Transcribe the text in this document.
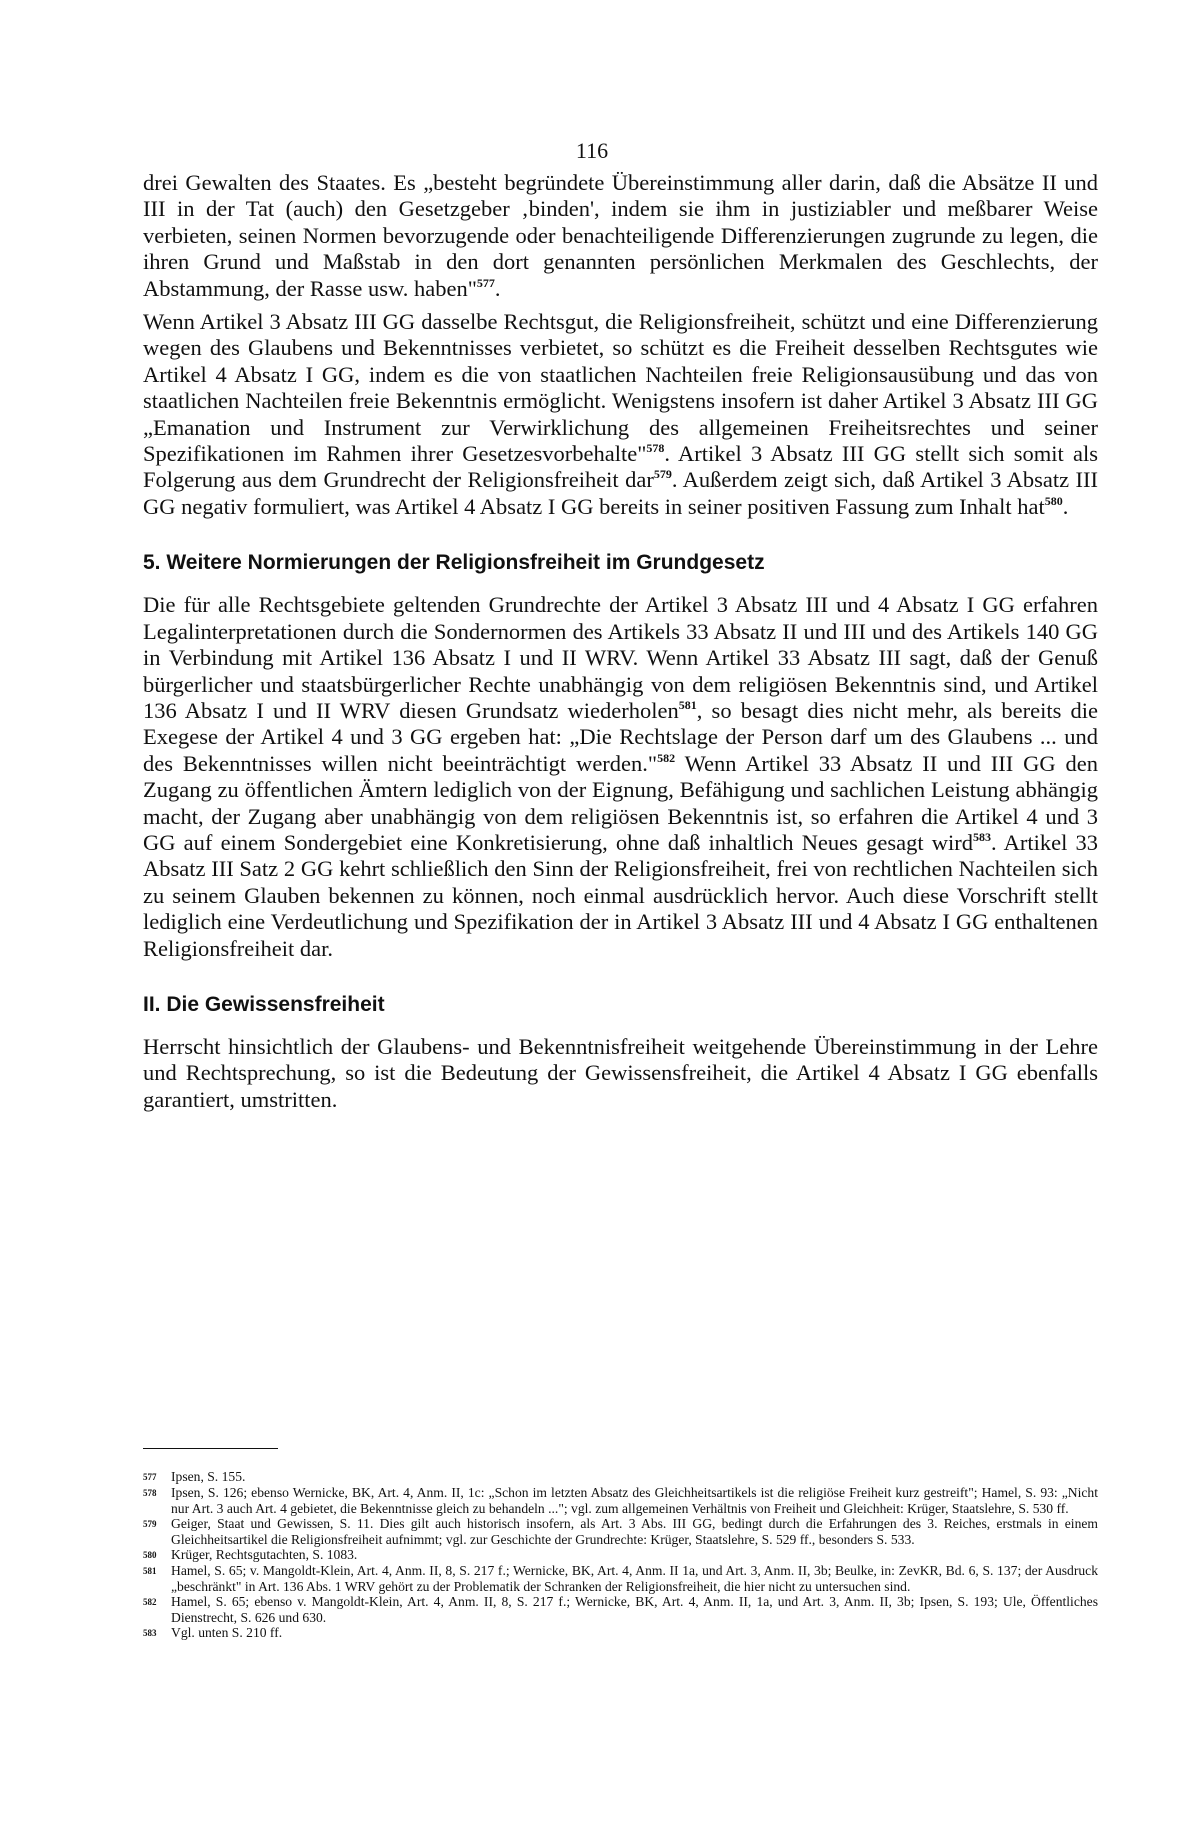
116

drei Gewalten des Staates. Es „besteht begründete Übereinstimmung aller darin, daß die Absätze II und III in der Tat (auch) den Gesetzgeber ‚binden', indem sie ihm in justiziabler und meßbarer Weise verbieten, seinen Normen bevorzugende oder benachteiligende Differenzierungen zugrunde zu legen, die ihren Grund und Maßstab in den dort genannten persönlichen Merkmalen des Geschlechts, der Abstammung, der Rasse usw. haben"$^{577}$.

Wenn Artikel 3 Absatz III GG dasselbe Rechtsgut, die Religionsfreiheit, schützt und eine Differenzierung wegen des Glaubens und Bekenntnisses verbietet, so schützt es die Freiheit desselben Rechtsgutes wie Artikel 4 Absatz I GG, indem es die von staatlichen Nachteilen freie Religionsausübung und das von staatlichen Nachteilen freie Bekenntnis ermöglicht. Wenigstens insofern ist daher Artikel 3 Absatz III GG „Emanation und Instrument zur Verwirklichung des allgemeinen Freiheitsrechtes und seiner Spezifikationen im Rahmen ihrer Gesetzesvorbehalte"$^{578}$. Artikel 3 Absatz III GG stellt sich somit als Folgerung aus dem Grundrecht der Religionsfreiheit dar$^{579}$. Außerdem zeigt sich, daß Artikel 3 Absatz III GG negativ formuliert, was Artikel 4 Absatz I GG bereits in seiner positiven Fassung zum Inhalt hat$^{580}$.

5. Weitere Normierungen der Religionsfreiheit im Grundgesetz

Die für alle Rechtsgebiete geltenden Grundrechte der Artikel 3 Absatz III und 4 Absatz I GG erfahren Legalinterpretationen durch die Sondernormen des Artikels 33 Absatz II und III und des Artikels 140 GG in Verbindung mit Artikel 136 Absatz I und II WRV. Wenn Artikel 33 Absatz III sagt, daß der Genuß bürgerlicher und staatsbürgerlicher Rechte unabhängig von dem religiösen Bekenntnis sind, und Artikel 136 Absatz I und II WRV diesen Grundsatz wiederholen$^{581}$, so besagt dies nicht mehr, als bereits die Exegese der Artikel 4 und 3 GG ergeben hat: „Die Rechtslage der Person darf um des Glaubens ... und des Bekenntnisses willen nicht beeinträchtigt werden."$^{582}$ Wenn Artikel 33 Absatz II und III GG den Zugang zu öffentlichen Ämtern lediglich von der Eignung, Befähigung und sachlichen Leistung abhängig macht, der Zugang aber unabhängig von dem religiösen Bekenntnis ist, so erfahren die Artikel 4 und 3 GG auf einem Sondergebiet eine Konkretisierung, ohne daß inhaltlich Neues gesagt wird$^{583}$. Artikel 33 Absatz III Satz 2 GG kehrt schließlich den Sinn der Religionsfreiheit, frei von rechtlichen Nachteilen sich zu seinem Glauben bekennen zu können, noch einmal ausdrücklich hervor. Auch diese Vorschrift stellt lediglich eine Verdeutlichung und Spezifikation der in Artikel 3 Absatz III und 4 Absatz I GG enthaltenen Religionsfreiheit dar.

II. Die Gewissensfreiheit

Herrscht hinsichtlich der Glaubens- und Bekenntnisfreiheit weitgehende Übereinstimmung in der Lehre und Rechtsprechung, so ist die Bedeutung der Gewissensfreiheit, die Artikel 4 Absatz I GG ebenfalls garantiert, umstritten.

577	Ipsen, S. 155.
578	Ipsen, S. 126; ebenso Wernicke, BK, Art. 4, Anm. II, 1c: „Schon im letzten Absatz des Gleichheitsartikels ist die religiöse Freiheit kurz gestreift"; Hamel, S. 93: „Nicht nur Art. 3 auch Art. 4 gebietet, die Bekenntnisse gleich zu behandeln ..."; vgl. zum allgemeinen Verhältnis von Freiheit und Gleichheit: Krüger, Staatslehre, S. 530 ff.
579	Geiger, Staat und Gewissen, S. 11. Dies gilt auch historisch insofern, als Art. 3 Abs. III GG, bedingt durch die Erfahrungen des 3. Reiches, erstmals in einem Gleichheitsartikel die Religionsfreiheit aufnimmt; vgl. zur Geschichte der Grundrechte: Krüger, Staatslehre, S. 529 ff., besonders S. 533.
580	Krüger, Rechtsgutachten, S. 1083.
581	Hamel, S. 65; v. Mangoldt-Klein, Art. 4, Anm. II, 8, S. 217 f.; Wernicke, BK, Art. 4, Anm. II 1a, und Art. 3, Anm. II, 3b; Beulke, in: ZevKR, Bd. 6, S. 137; der Ausdruck „beschränkt" in Art. 136 Abs. 1 WRV gehört zu der Problematik der Schranken der Religionsfreiheit, die hier nicht zu untersuchen sind.
582	Hamel, S. 65; ebenso v. Mangoldt-Klein, Art. 4, Anm. II, 8, S. 217 f.; Wernicke, BK, Art. 4, Anm. II, 1a, und Art. 3, Anm. II, 3b; Ipsen, S. 193; Ule, Öffentliches Dienstrecht, S. 626 und 630.
583	Vgl. unten S. 210 ff.
